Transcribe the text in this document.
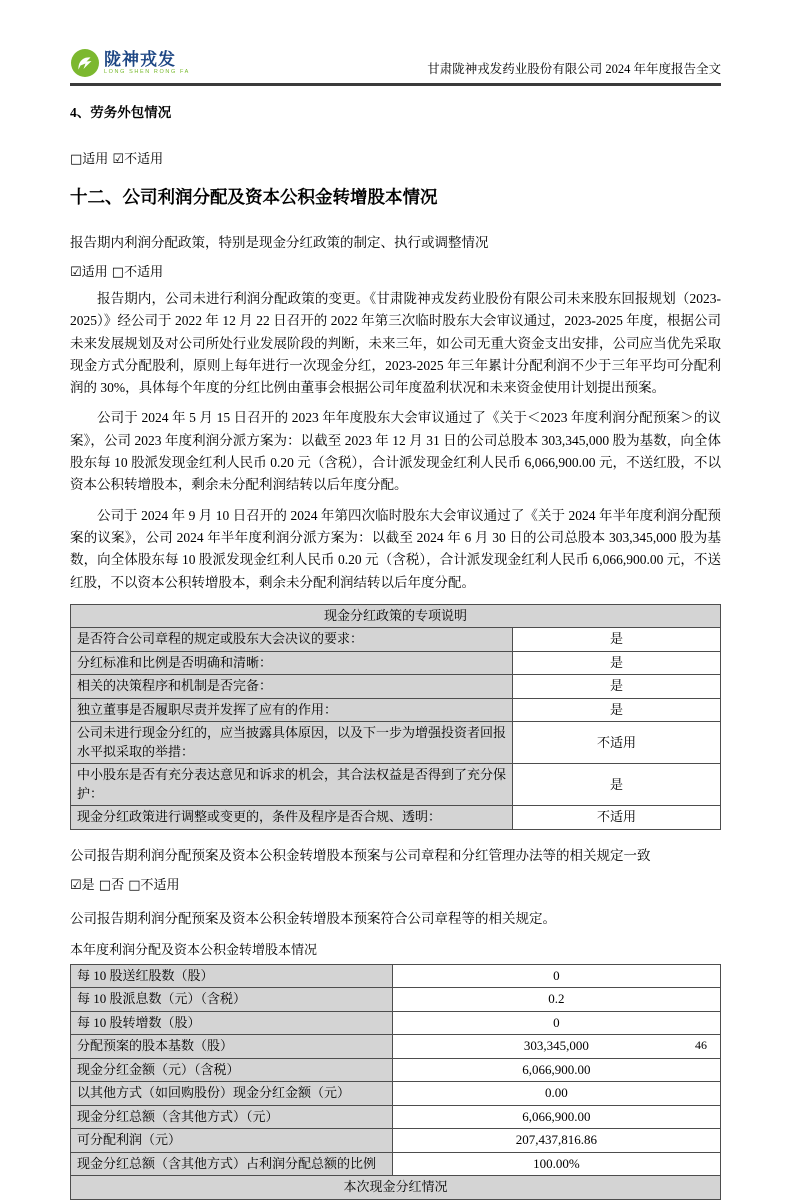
陇神戎发
LONG SHEN RONG FA	甘肃陇神戎发药业股份有限公司 2024 年年度报告全文
4、劳务外包情况
□适用 ☑不适用
十二、公司利润分配及资本公积金转增股本情况
报告期内利润分配政策，特别是现金分红政策的制定、执行或调整情况
☑适用 □不适用

报告期内，公司未进行利润分配政策的变更。《甘肃陇神戎发药业股份有限公司未来股东回报规划（2023-2025）》经公司于 2022 年 12 月 22 日召开的 2022 年第三次临时股东大会审议通过，2023-2025 年度，根据公司未来发展规划及对公司所处行业发展阶段的判断，未来三年，如公司无重大资金支出安排，公司应当优先采取现金方式分配股利，原则上每年进行一次现金分红，2023-2025 年三年累计分配利润不少于三年平均可分配利润的 30%，具体每个年度的分红比例由董事会根据公司年度盈利状况和未来资金使用计划提出预案。

公司于 2024 年 5 月 15 日召开的 2023 年年度股东大会审议通过了《关于＜2023 年度利润分配预案＞的议案》，公司 2023 年度利润分派方案为：以截至 2023 年 12 月 31 日的公司总股本 303,345,000 股为基数，向全体股东每 10 股派发现金红利人民币 0.20 元（含税），合计派发现金红利人民币 6,066,900.00 元，不送红股，不以资本公积转增股本，剩余未分配利润结转以后年度分配。

公司于 2024 年 9 月 10 日召开的 2024 年第四次临时股东大会审议通过了《关于 2024 年半年度利润分配预案的议案》，公司 2024 年半年度利润分派方案为：以截至 2024 年 6 月 30 日的公司总股本 303,345,000 股为基数，向全体股东每 10 股派发现金红利人民币 0.20 元（含税），合计派发现金红利人民币 6,066,900.00 元，不送红股，不以资本公积转增股本，剩余未分配利润结转以后年度分配。

现金分红政策的专项说明	
是否符合公司章程的规定或股东大会决议的要求：	是
分红标准和比例是否明确和清晰：	是
相关的决策程序和机制是否完备：	是
独立董事是否履职尽责并发挥了应有的作用：	是
公司未进行现金分红的，应当披露具体原因，以及下一步为增强投资者回报水平拟采取的举措：	不适用
中小股东是否有充分表达意见和诉求的机会，其合法权益是否得到了充分保护：	是
现金分红政策进行调整或变更的，条件及程序是否合规、透明：	不适用
公司报告期利润分配预案及资本公积金转增股本预案与公司章程和分红管理办法等的相关规定一致
☑是 □否 □不适用
公司报告期利润分配预案及资本公积金转增股本预案符合公司章程等的相关规定。
本年度利润分配及资本公积金转增股本情况
每 10 股送红股数（股）	0
每 10 股派息数（元）（含税）	0.2
每 10 股转增数（股）	0
分配预案的股本基数（股）	303,345,000
现金分红金额（元）（含税）	6,066,900.00
以其他方式（如回购股份）现金分红金额（元）	0.00
现金分红总额（含其他方式）（元）	6,066,900.00
可分配利润（元）	207,437,816.86
现金分红总额（含其他方式）占利润分配总额的比例	100.00%
本次现金分红情况	
46
